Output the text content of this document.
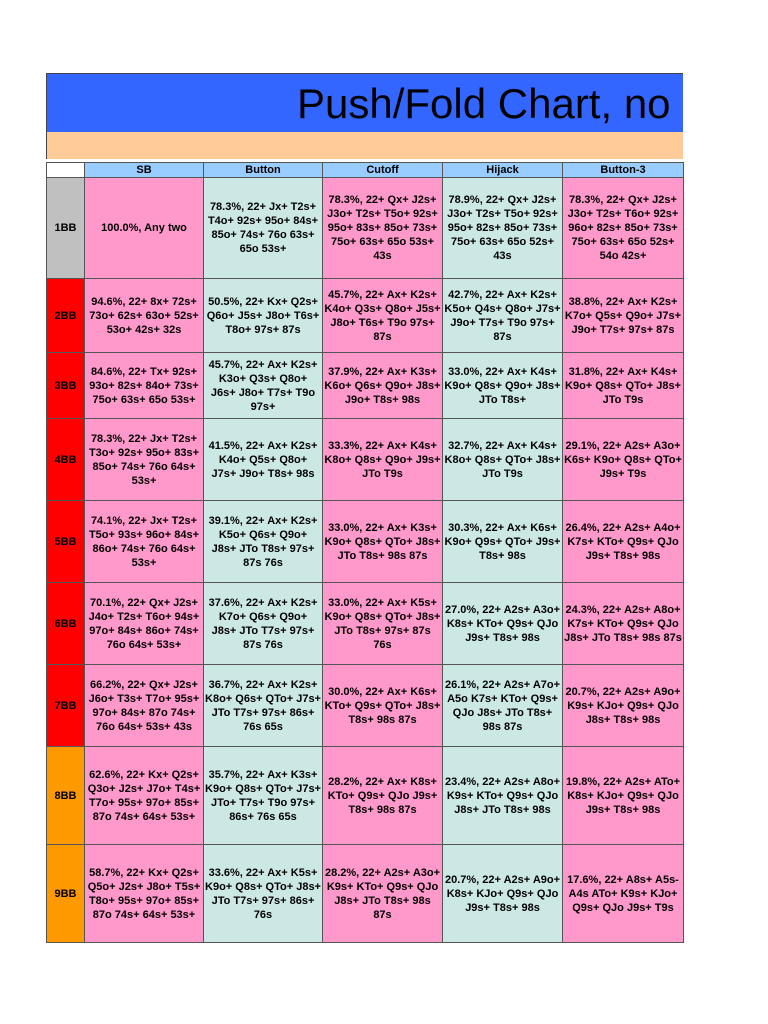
Push/Fold Chart, no
	SB	Button	Cutoff	Hijack	Button-3
1BB	100.0%, Any two	78.3%, 22+ Jx+ T2s+ T4o+ 92s+ 95o+ 84s+ 85o+ 74s+ 76o 63s+ 65o 53s+	78.3%, 22+ Qx+ J2s+ J3o+ T2s+ T5o+ 92s+ 95o+ 83s+ 85o+ 73s+ 75o+ 63s+ 65o 53s+ 43s	78.9%, 22+ Qx+ J2s+ J3o+ T2s+ T5o+ 92s+ 95o+ 82s+ 85o+ 73s+ 75o+ 63s+ 65o 52s+ 43s	78.3%, 22+ Qx+ J2s+ J3o+ T2s+ T6o+ 92s+ 96o+ 82s+ 85o+ 73s+ 75o+ 63s+ 65o 52s+ 54o 42s+
2BB	94.6%, 22+ 8x+ 72s+ 73o+ 62s+ 63o+ 52s+ 53o+ 42s+ 32s	50.5%, 22+ Kx+ Q2s+ Q6o+ J5s+ J8o+ T6s+ T8o+ 97s+ 87s	45.7%, 22+ Ax+ K2s+ K4o+ Q3s+ Q8o+ J5s+ J8o+ T6s+ T9o 97s+ 87s	42.7%, 22+ Ax+ K2s+ K5o+ Q4s+ Q8o+ J7s+ J9o+ T7s+ T9o 97s+ 87s	38.8%, 22+ Ax+ K2s+ K7o+ Q5s+ Q9o+ J7s+ J9o+ T7s+ 97s+ 87s
3BB	84.6%, 22+ Tx+ 92s+ 93o+ 82s+ 84o+ 73s+ 75o+ 63s+ 65o 53s+	45.7%, 22+ Ax+ K2s+ K3o+ Q3s+ Q8o+ J6s+ J8o+ T7s+ T9o 97s+	37.9%, 22+ Ax+ K3s+ K6o+ Q6s+ Q9o+ J8s+ J9o+ T8s+ 98s	33.0%, 22+ Ax+ K4s+ K9o+ Q8s+ Q9o+ J8s+ JTo T8s+	31.8%, 22+ Ax+ K4s+ K9o+ Q8s+ QTo+ J8s+ JTo T9s
4BB	78.3%, 22+ Jx+ T2s+ T3o+ 92s+ 95o+ 83s+ 85o+ 74s+ 76o 64s+ 53s+	41.5%, 22+ Ax+ K2s+ K4o+ Q5s+ Q8o+ J7s+ J9o+ T8s+ 98s	33.3%, 22+ Ax+ K4s+ K8o+ Q8s+ Q9o+ J9s+ JTo T9s	32.7%, 22+ Ax+ K4s+ K8o+ Q8s+ QTo+ J8s+ JTo T9s	29.1%, 22+ A2s+ A3o+ K6s+ K9o+ Q8s+ QTo+ J9s+ T9s
5BB	74.1%, 22+ Jx+ T2s+ T5o+ 93s+ 96o+ 84s+ 86o+ 74s+ 76o 64s+ 53s+	39.1%, 22+ Ax+ K2s+ K5o+ Q6s+ Q9o+ J8s+ JTo T8s+ 97s+ 87s 76s	33.0%, 22+ Ax+ K3s+ K9o+ Q8s+ QTo+ J8s+ JTo T8s+ 98s 87s	30.3%, 22+ Ax+ K6s+ K9o+ Q9s+ QTo+ J9s+ T8s+ 98s	26.4%, 22+ A2s+ A4o+ K7s+ KTo+ Q9s+ QJo J9s+ T8s+ 98s
6BB	70.1%, 22+ Qx+ J2s+ J4o+ T2s+ T6o+ 94s+ 97o+ 84s+ 86o+ 74s+ 76o 64s+ 53s+	37.6%, 22+ Ax+ K2s+ K7o+ Q6s+ Q9o+ J8s+ JTo T7s+ 97s+ 87s 76s	33.0%, 22+ Ax+ K5s+ K9o+ Q8s+ QTo+ J8s+ JTo T8s+ 97s+ 87s 76s	27.0%, 22+ A2s+ A3o+ K8s+ KTo+ Q9s+ QJo J9s+ T8s+ 98s	24.3%, 22+ A2s+ A8o+ K7s+ KTo+ Q9s+ QJo J8s+ JTo T8s+ 98s 87s
7BB	66.2%, 22+ Qx+ J2s+ J6o+ T3s+ T7o+ 95s+ 97o+ 84s+ 87o 74s+ 76o 64s+ 53s+ 43s	36.7%, 22+ Ax+ K2s+ K8o+ Q6s+ QTo+ J7s+ JTo T7s+ 97s+ 86s+ 76s 65s	30.0%, 22+ Ax+ K6s+ KTo+ Q9s+ QTo+ J8s+ T8s+ 98s 87s	26.1%, 22+ A2s+ A7o+ A5o K7s+ KTo+ Q9s+ QJo J8s+ JTo T8s+ 98s 87s	20.7%, 22+ A2s+ A9o+ K9s+ KJo+ Q9s+ QJo J8s+ T8s+ 98s
8BB	62.6%, 22+ Kx+ Q2s+ Q3o+ J2s+ J7o+ T4s+ T7o+ 95s+ 97o+ 85s+ 87o 74s+ 64s+ 53s+	35.7%, 22+ Ax+ K3s+ K9o+ Q8s+ QTo+ J7s+ JTo+ T7s+ T9o 97s+ 86s+ 76s 65s	28.2%, 22+ Ax+ K8s+ KTo+ Q9s+ QJo J9s+ T8s+ 98s 87s	23.4%, 22+ A2s+ A8o+ K9s+ KTo+ Q9s+ QJo J8s+ JTo T8s+ 98s	19.8%, 22+ A2s+ ATo+ K8s+ KJo+ Q9s+ QJo J9s+ T8s+ 98s
9BB	58.7%, 22+ Kx+ Q2s+ Q5o+ J2s+ J8o+ T5s+ T8o+ 95s+ 97o+ 85s+ 87o 74s+ 64s+ 53s+	33.6%, 22+ Ax+ K5s+ K9o+ Q8s+ QTo+ J8s+ JTo T7s+ 97s+ 86s+ 76s	28.2%, 22+ A2s+ A3o+ K9s+ KTo+ Q9s+ QJo J8s+ JTo T8s+ 98s 87s	20.7%, 22+ A2s+ A9o+ K8s+ KJo+ Q9s+ QJo J9s+ T8s+ 98s	17.6%, 22+ A8s+ A5s-A4s ATo+ K9s+ KJo+ Q9s+ QJo J9s+ T9s
